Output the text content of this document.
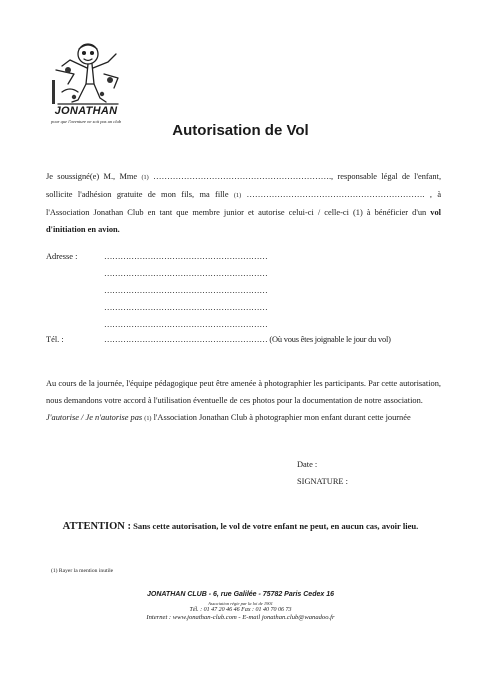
JONATHAN
pour que l'aventure ne soit pas un club
Autorisation de Vol
Je soussigné(e) M., Mme (1) ………………………………………………………., responsable légal de l'enfant, sollicite l'adhésion gratuite de mon fils, ma fille (1) ………………………………………………………. , à l'Association Jonathan Club en tant que membre junior et autorise celui-ci / celle-ci (1) à bénéficier d'un vol d'initiation en avion.
Adresse :	……………………………………………………
……………………………………………………
……………………………………………………
……………………………………………………
……………………………………………………
Tél. :	…………………………………………………… (Où vous êtes joignable le jour du vol)
Au cours de la journée, l'équipe pédagogique peut être amenée à photographier les participants. Par cette autorisation, nous demandons votre accord à l'utilisation éventuelle de ces photos pour la documentation de notre association.
J'autorise / Je n'autorise pas (1) l'Association Jonathan Club à photographier mon enfant durant cette journée
Date :
SIGNATURE :
ATTENTION : Sans cette autorisation, le vol de votre enfant ne peut, en aucun cas, avoir lieu.
(1) Rayer la mention inutile
JONATHAN CLUB - 6, rue Galilée - 75782 Paris Cedex 16
Association régie par la loi de 1901
Tél. : 01 47 20 46 46 Fax : 01 40 70 06 73
Internet : www.jonathan-club.com - E-mail jonathan.club@wanadoo.fr
